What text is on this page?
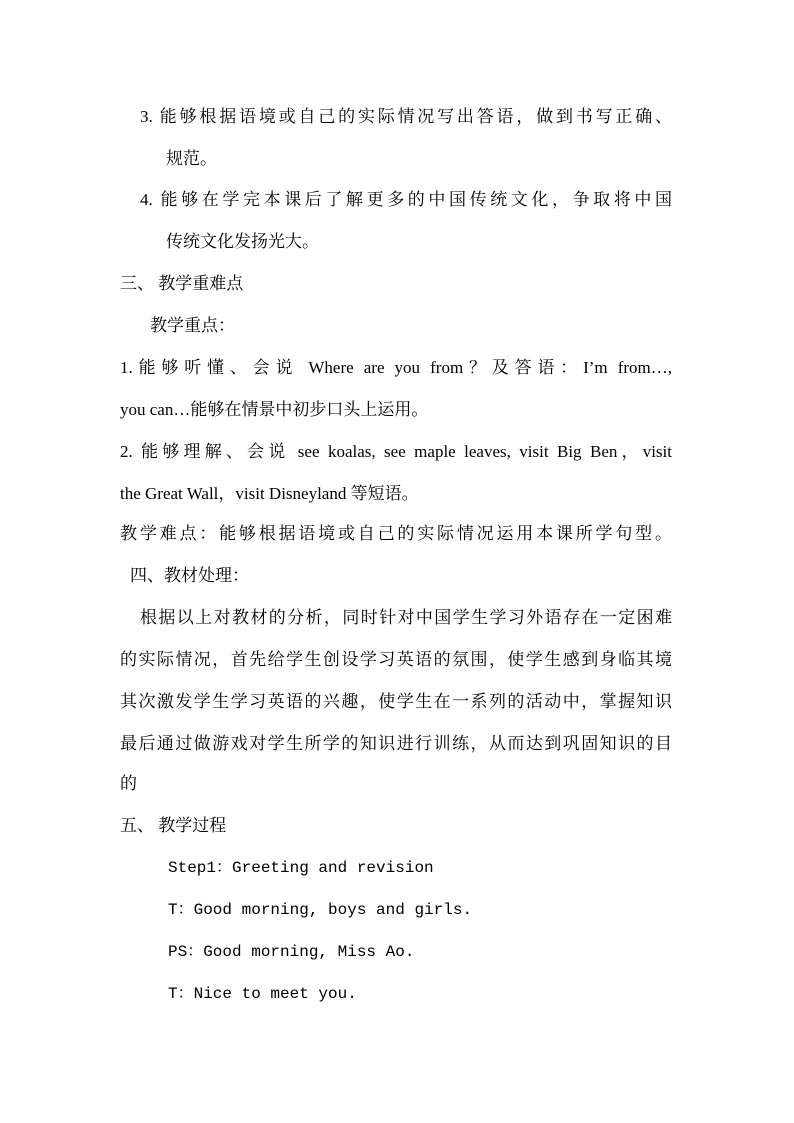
3. 能够根据语境或自己的实际情况写出答语，做到书写正确、
规范。
4. 能够在学完本课后了解更多的中国传统文化，争取将中国
传统文化发扬光大。
三、 教学重难点
教学重点：
1.能够听懂、会说 Where are you from？及答语：I’m from…,
you can…能够在情景中初步口头上运用。
2. 能够理解、会说 see koalas, see maple leaves, visit Big Ben，visit
the Great Wall，visit Disneyland 等短语。
教学难点：能够根据语境或自己的实际情况运用本课所学句型。
四、教材处理：
根据以上对教材的分析，同时针对中国学生学习外语存在一定困难
的实际情况，首先给学生创设学习英语的氛围，使学生感到身临其境
其次激发学生学习英语的兴趣，使学生在一系列的活动中，掌握知识
最后通过做游戏对学生所学的知识进行训练，从而达到巩固知识的目
的
五、 教学过程
Step1：Greeting and revision
T：Good morning, boys and girls.
PS：Good morning, Miss Ao.
T：Nice to meet you.
